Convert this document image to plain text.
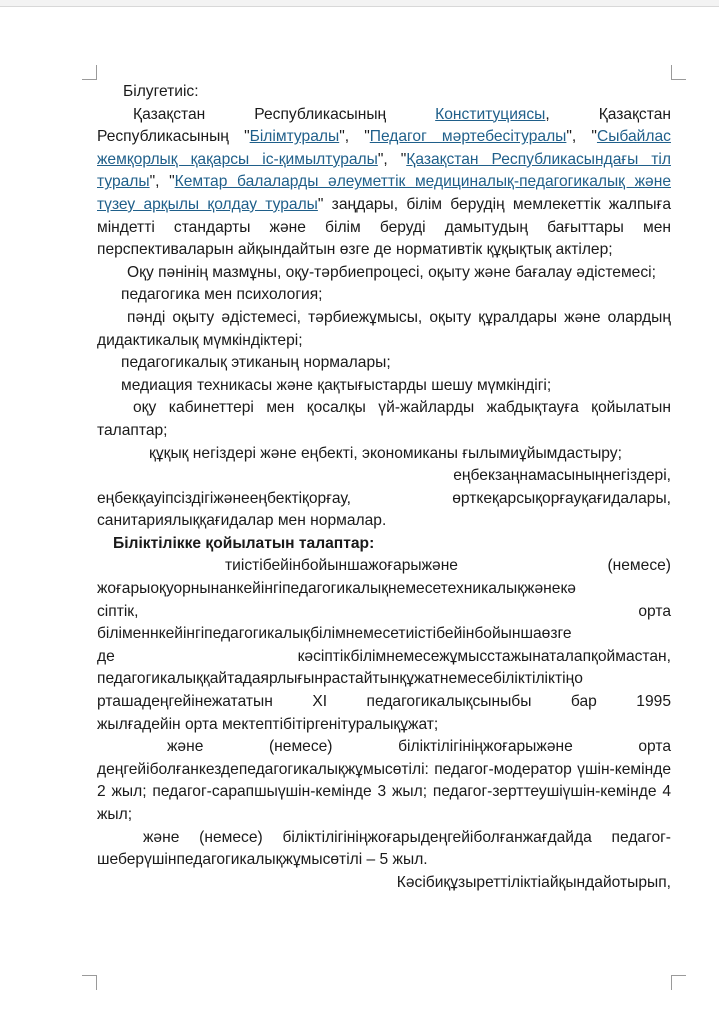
Білугетиіс:

Қазақстан Республикасының Конституциясы, Қазақстан Республикасының "Білімтуралы", "Педагог мәртебесітуралы", "Сыбайлас жемқорлық қақарсы іс-қимылтуралы", "Қазақстан Республикасындағы тіл туралы", "Кемтар балаларды әлеуметтік медициналық-педагогикалық және түзеу арқылы қолдау туралы" заңдары, білім берудің мемлекеттік жалпыға міндетті стандарты және білім беруді дамытудың бағыттары мен перспективаларын айқындайтын өзге де нормативтік құқықтық актілер;

Оқу пәнінің мазмұны, оқу-тәрбиепроцесі, оқыту және бағалау әдістемесі;

педагогика мен психология;

пәнді оқыту әдістемесі, тәрбиежұмысы, оқыту құралдары және олардың дидактикалық мүмкіндіктері;

педагогикалық этиканың нормалары;

медиация техникасы және қақтығыстарды шешу мүмкіндігі;

оқу кабинеттері мен қосалқы үй-жайларды жабдықтауға қойылатын талаптар;

құқық негіздері және еңбекті, экономиканы ғылымиұйымдастыру;

еңбекзаңнамасыныңнегіздері,

еңбекқауіпсіздігіжәнееңбектіқорғау, өрткеқарсықорғауқағидалары, санитариялыққағидалар мен нормалар.

Біліктілікке қойылатын талаптар:

тиістібейінбойыншажоғарыжәне (немесе)

жоғарыоқуорнынанкейінгіпедагогикалықнемесетехникалықжәнекә

сіптік, орта

біліменнкейінгіпедагогикалықбілімнемесетиістібейінбойыншаөзге

де кәсіптікбілімнемесежұмысстажынаталапқоймастан,

педагогикалыққайтадаярлығынрастайтынқұжатнемесебіліктіліктіңо

рташадеңгейінежататын XI педагогикалықсыныбы бар 1995

жылғадейін орта мектептібітіргенітуралықұжат;

және (немесе) біліктілігініңжоғарыжәне орта

деңгейіболғанкездепедагогикалықжұмысөтілі: педагог-модератор үшін-кемінде 2 жыл; педагог-сарапшыүшін-кемінде 3 жыл; педагог-зерттеушіүшін-кемінде 4 жыл;

және (немесе) біліктілігініңжоғарыдеңгейіболғанжағдайда педагог-шеберүшінпедагогикалықжұмысөтілі – 5 жыл.

Кәсібиқұзыреттіліктіайқындайотырып,
